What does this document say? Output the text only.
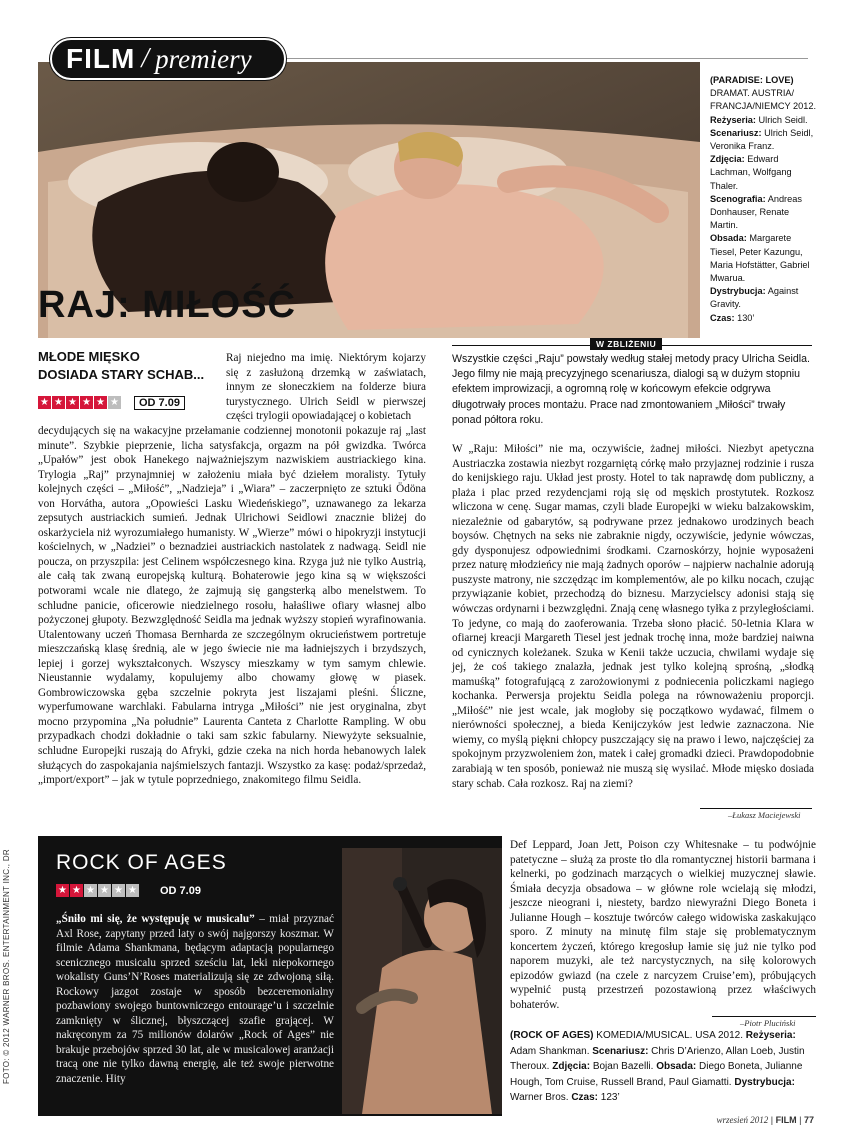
FILM / premiery
RAJ: MIŁOŚĆ
(PARADISE: LOVE)
DRAMAT. AUSTRIA/ FRANCJA/NIEMCY 2012.
Reżyseria: Ulrich Seidl.
Scenariusz: Ulrich Seidl, Veronika Franz.
Zdjęcia: Edward Lachman, Wolfgang Thaler.
Scenografia: Andreas Donhauser, Renate Martin.
Obsada: Margarete Tiesel, Peter Kazungu, Maria Hofstätter, Gabriel Mwarua.
Dystrybucja: Against Gravity.
Czas: 130’
MŁODE MIĘSKO
DOSIADA STARY SCHAB...
★ ★ ★ ★ ★ ★	OD 7.09

Raj niejedno ma imię. Niektórym kojarzy się z zasłużoną drzemką w zaświatach, innym ze słoneczkiem na folderze biura turystycznego. Ulrich Seidl w pierwszej części trylogii opowiadającej o kobietach

decydujących się na wakacyjne przełamanie codziennej monotonii pokazuje raj „last minute”. Szybkie pieprzenie, licha satysfakcja, orgazm na pół gwizdka. Twórca „Upałów” jest obok Hanekego najważniejszym nazwiskiem austriackiego kina. Trylogia „Raj” przynajmniej w założeniu miała być dziełem moralisty. Tytuły kolejnych części – „Miłość”, „Nadzieja” i „Wiara” – zaczerpnięto ze sztuki Ödöna von Horvátha, autora „Opowieści Lasku Wiedeńskiego”, uznawanego za lekarza zepsutych austriackich sumień. Jednak Ulrichowi Seidlowi znacznie bliżej do oskarżyciela niż wyrozumiałego humanisty. W „Wierze” mówi o hipokryzji instytucji kościelnych, w „Nadziei” o beznadziei austriackich nastolatek z nadwagą. Seidl nie poucza, on przyszpila: jest Celinem współczesnego kina. Rzyga już nie tylko Austrią, ale całą tak zwaną europejską kulturą. Bohaterowie jego kina są w większości potworami wcale nie dlatego, że zajmują się gangsterką albo menelstwem. To schludne panicie, oficerowie niedzielnego rosołu, hałaśliwe ofiary własnej albo pożyczonej głupoty. Bezwzględność Seidla ma jednak wyższy stopień wyrafinowania. Utalentowany uczeń Thomasa Bernharda ze szczególnym okrucieństwem portretuje mieszczańską klasę średnią, ale w jego świecie nie ma ładniejszych i brzydszych, lepiej i gorzej wykształconych. Wszyscy mieszkamy w tym samym chlewie. Nieustannie wydalamy, kopulujemy albo chowamy głowę w piasek. Gombrowiczowska gęba szczelnie pokryta jest liszajami pleśni. Śliczne, wyperfumowane warchlaki. Fabularna intryga „Miłości” nie jest oryginalna, zbyt mocno przypomina „Na południe” Laurenta Canteta z Charlotte Rampling. W obu przypadkach chodzi dokładnie o taki sam szkic fabularny. Niewyżyte seksualnie, schludne Europejki ruszają do Afryki, gdzie czeka na nich horda hebanowych lalek służących do zaspokajania najśmielszych fantazji. Wszystko za kasę: podaż/sprzedaż, „import/export” – jak w tytule poprzedniego, znakomitego filmu Seidla.

W ZBLIŻENIU

Wszystkie części „Raju” powstały według stałej metody pracy Ulricha Seidla. Jego filmy nie mają precyzyjnego scenariusza, dialogi są w dużym stopniu efektem improwizacji, a ogromną rolę w końcowym efekcie odgrywa długotrwały proces montażu. Prace nad zmontowaniem „Miłości” trwały ponad półtora roku.

W „Raju: Miłości” nie ma, oczywiście, żadnej miłości. Niezbyt apetyczna Austriaczka zostawia niezbyt rozgarniętą córkę mało przyjaznej rodzinie i rusza do kenijskiego raju. Układ jest prosty. Hotel to tak naprawdę dom publiczny, a plaża i plac przed rezydencjami roją się od męskich prostytutek. Rozkosz wliczona w cenę. Sugar mamas, czyli blade Europejki w wieku balzakowskim, niezależnie od gabarytów, są podrywane przez jednakowo urodzinych beach boysów. Chętnych na seks nie zabraknie nigdy, oczywiście, jedynie wówczas, gdy dysponujesz odpowiednimi środkami. Czarnoskórzy, hojnie wyposażeni przez naturę młodzieńcy nie mają żadnych oporów – najpierw nachalnie adorują puszyste matrony, nie szczędząc im komplementów, ale po kilku nocach, czując przywiązanie kobiet, przechodzą do biznesu. Marzycielscy adonisi stają się wówczas ordynarni i bezwzględni. Znają cenę własnego tyłka z przyległościami. To jedyne, co mają do zaoferowania. Trzeba słono płacić. 50-letnia Klara w ofiarnej kreacji Margareth Tiesel jest jednak trochę inna, może bardziej naiwna od cynicznych koleżanek. Szuka w Kenii także uczucia, chwilami wydaje się jej, że coś takiego znalazła, jednak jest tylko kolejną sprośną, „słodką mamuśką” fotografującą z zarożowionymi z podniecenia policzkami nagiego kochanka. Perwersja projektu Seidla polega na równoważeniu proporcji. „Miłość” nie jest wcale, jak mogłoby się początkowo wydawać, filmem o nierówności społecznej, a bieda Kenijczyków jest ledwie zaznaczona. Nie wiemy, co myślą piękni chłopcy puszczający się na prawo i lewo, najczęściej za spokojnym przyzwoleniem żon, matek i całej gromadki dzieci. Prawdopodobnie zarabiają w ten sposób, ponieważ nie muszą się wysilać. Młode mięsko dosiada stary schab. Cała rozkosz. Raj na ziemi?

–Łukasz Maciejewski
ROCK OF AGES
★ ★ ★ ★ ★ ★	OD 7.09

„Śniło mi się, że występuję w musicalu” – miał przyznać Axl Rose, zapytany przed laty o swój najgorszy koszmar. W filmie Adama Shankmana, będącym adaptacją popularnego scenicznego musicalu sprzed sześciu lat, leki niepokornego wokalisty Guns’N’Roses materializują się ze zdwojoną siłą. Rockowy jazgot zostaje w sposób bezceremonialny pozbawiony swojego buntowniczego entourage’u i szczelnie zamknięty w ślicznej, błyszczącej szafie grającej. W nakręconym za 75 milionów dolarów „Rock of Ages” nie brakuje przebojów sprzed 30 lat, ale w musicalowej aranżacji tracą one nie tylko dawną energię, ale też swoje pierwotne znaczenie. Hity

FOTO: © 2012 WARNER BROS. ENTERTAINMENT INC., DR

Def Leppard, Joan Jett, Poison czy Whitesnake – tu podwójnie patetyczne – służą za proste tło dla romantycznej historii barmana i kelnerki, po godzinach marzących o wielkiej muzycznej sławie. Śmiała decyzja obsadowa – w główne role wcielają się młodzi, jeszcze nieograni i, niestety, bardzo niewyraźni Diego Boneta i Julianne Hough – kosztuje twórców całego widowiska zaskakująco sporo. Z minuty na minutę film staje się problematycznym koncertem życzeń, którego kregosłup łamie się już nie tylko pod naporem muzyki, ale też narcystycznych, na siłę kolorowych epizodów gwiazd (na czele z narcyzem Cruise’em), próbujących wypełnić pustą przestrzeń pozostawioną przez właściwych bohaterów.

–Piotr Pluciński
(ROCK OF AGES) KOMEDIA/MUSICAL. USA 2012. Reżyseria: Adam Shankman. Scenariusz: Chris D’Arienzo, Allan Loeb, Justin Theroux. Zdjęcia: Bojan Bazelli. Obsada: Diego Boneta, Julianne Hough, Tom Cruise, Russell Brand, Paul Giamatti. Dystrybucja: Warner Bros. Czas: 123’
wrzesień 2012 | FILM | 77
